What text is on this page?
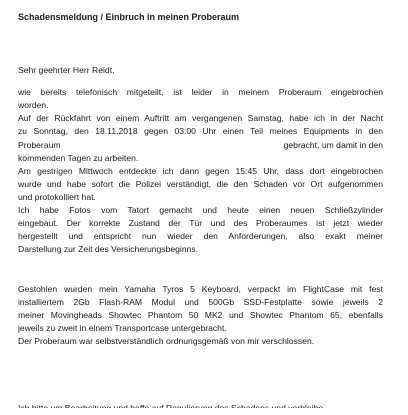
Schadensmeldung / Einbruch in meinen Proberaum
Sehr geehrter Herr Reidt,
wie bereits telefonisch mitgeteilt, ist leider in meinem Proberaum eingebrochen
worden.
Auf der Rückfahrt von einem Auftritt am vergangenen Samstag, habe ich in der Nacht
zu Sonntag, den 18.11.2018 gegen 03:00 Uhr einen Teil meines Equipments in den
Proberaum	gebracht, um damit in den
kommenden Tagen zu arbeiten.
Am gestrigen Mittwoch entdeckte ich dann gegen 15:45 Uhr, dass dort eingebrochen
wurde und habe sofort die Polizei verständigt, die den Schaden vor Ort aufgenommen
und protokolliert hat.
Ich habe Fotos vom Tatort gemacht und heute einen neuen Schließzylinder
eingebaut. Der korrekte Zustand der Tür und des Proberaumes ist jetzt wieder
hergestellt und entspricht nun wieder den Anforderungen, also exakt meiner
Darstellung zur Zeit des Versicherungsbeginns.
Gestohlen wurden mein Yamaha Tyros 5 Keyboard, verpackt im FlightCase mit fest
installiertem 2Gb Flash-RAM Modul und 500Gb SSD-Festplatte sowie jeweils 2
meiner Movingheads Showtec Phantom 50 MK2 und Showtec Phantom 65, ebenfalls
jeweils zu zweit in einem Transportcase untergebracht.
Der Proberaum war selbstverständlich ordnungsgemäß von mir verschlossen.
